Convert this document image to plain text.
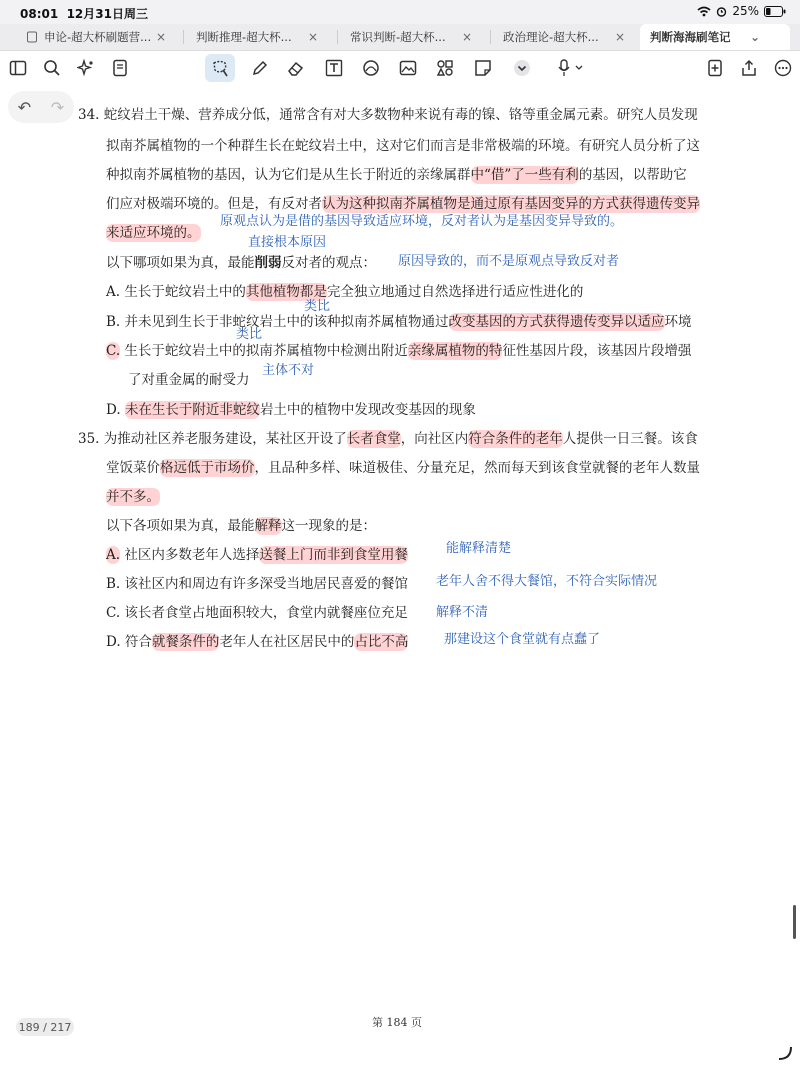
08:01 12月31日周三	25%
申论-超大杯刷题营... ×	判断推理-超大杯...	×	常识判断-超大杯...	×	政治理论-超大杯...	× 判断海海刷笔记	⌄
↶ ↷ 34. 蛇纹岩土干燥、营养成分低，通常含有对大多数物种来说有毒的镍、铬等重金属元素。研究人员发现
拟南芥属植物的一个种群生长在蛇纹岩土中，这对它们而言是非常极端的环境。有研究人员分析了这
种拟南芥属植物的基因，认为它们是从生长于附近的亲缘属群中“借”了一些有利的基因，以帮助它
们应对极端环境的。但是，有反对者认为这种拟南芥属植物是通过原有基因变异的方式获得遗传变异
来适应环境的。
原观点认为是借的基因导致适应环境，反对者认为是基因变异导致的。
直接根本原因
以下哪项如果为真，最能削弱反对者的观点： 原因导致的，而不是原观点导致反对者
A. 生长于蛇纹岩土中的其他植物都是完全独立地通过自然选择进行适应性进化的
类比
B. 并未见到生长于非蛇纹岩土中的该种拟南芥属植物通过改变基因的方式获得遗传变异以适应环境
类比
C. 生长于蛇纹岩土中的拟南芥属植物中检测出附近亲缘属植物的特征性基因片段，该基因片段增强
了对重金属的耐受力
主体不对
D. 未在生长于附近非蛇纹岩土中的植物中发现改变基因的现象
35. 为推动社区养老服务建设，某社区开设了长者食堂，向社区内符合条件的老年人提供一日三餐。该食
堂饭菜价格远低于市场价，且品种多样、味道极佳、分量充足，然而每天到该食堂就餐的老年人数量
并不多。
以下各项如果为真，最能解释这一现象的是：
A. 社区内多数老年人选择送餐上门而非到食堂用餐	能解释清楚
B. 该社区内和周边有许多深受当地居民喜爱的餐馆 老年人舍不得大餐馆，不符合实际情况
C. 该长者食堂占地面积较大，食堂内就餐座位充足 解释不清
D. 符合就餐条件的老年人在社区居民中的占比不高	那建设这个食堂就有点蠢了
189 / 217	第 184 页
